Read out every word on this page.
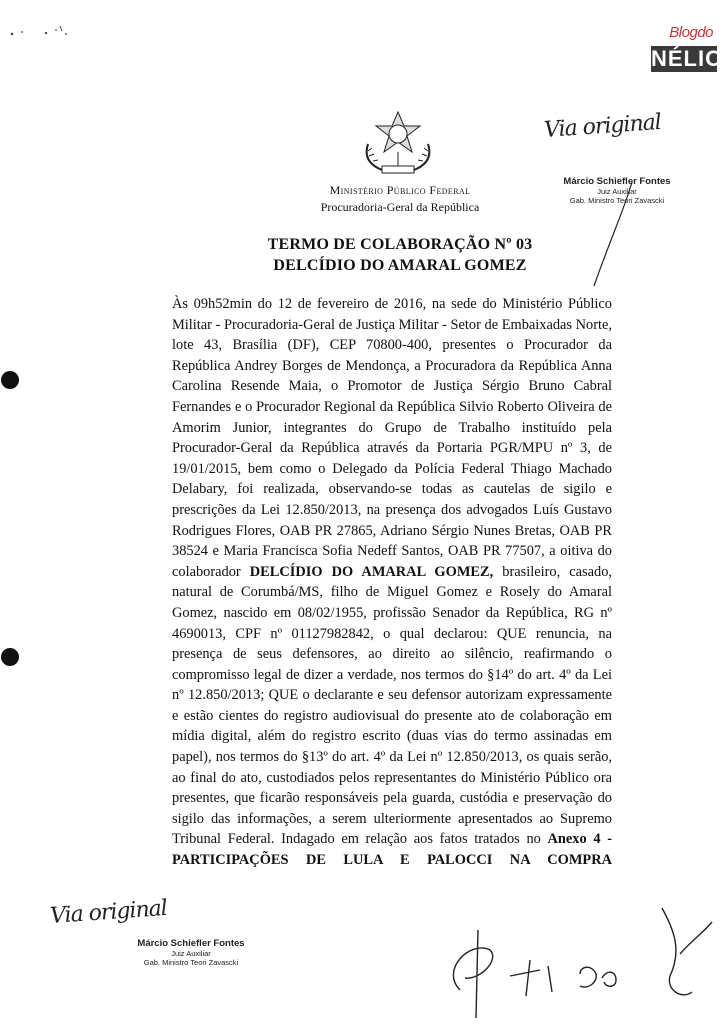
Blogdo
NÉLIO
Ministério Público Federal
Procuradoria-Geral da República
Via original
Márcio Schiefler Fontes
Juiz Auxiliar
Gab. Ministro Teori Zavascki
TERMO DE COLABORAÇÃO Nº 03
DELCÍDIO DO AMARAL GOMEZ
Às 09h52min do 12 de fevereiro de 2016, na sede do Ministério Público Militar - Procuradoria-Geral de Justiça Militar - Setor de Embaixadas Norte, lote 43, Brasília (DF), CEP 70800-400, presentes o Procurador da República Andrey Borges de Mendonça, a Procuradora da República Anna Carolina Resende Maia, o Promotor de Justiça Sérgio Bruno Cabral Fernandes e o Procurador Regional da República Silvio Roberto Oliveira de Amorim Junior, integrantes do Grupo de Trabalho instituído pela Procurador-Geral da República através da Portaria PGR/MPU nº 3, de 19/01/2015, bem como o Delegado da Polícia Federal Thiago Machado Delabary, foi realizada, observando-se todas as cautelas de sigilo e prescrições da Lei 12.850/2013, na presença dos advogados Luís Gustavo Rodrigues Flores, OAB PR 27865, Adriano Sérgio Nunes Bretas, OAB PR 38524 e Maria Francisca Sofia Nedeff Santos, OAB PR 77507, a oitiva do colaborador DELCÍDIO DO AMARAL GOMEZ, brasileiro, casado, natural de Corumbá/MS, filho de Miguel Gomez e Rosely do Amaral Gomez, nascido em 08/02/1955, profissão Senador da República, RG nº 4690013, CPF nº 01127982842, o qual declarou: QUE renuncia, na presença de seus defensores, ao direito ao silêncio, reafirmando o compromisso legal de dizer a verdade, nos termos do §14º do art. 4º da Lei nº 12.850/2013; QUE o declarante e seu defensor autorizam expressamente e estão cientes do registro audiovisual do presente ato de colaboração em mídia digital, além do registro escrito (duas vias do termo assinadas em papel), nos termos do §13º do art. 4º da Lei nº 12.850/2013, os quais serão, ao final do ato, custodiados pelos representantes do Ministério Público ora presentes, que ficarão responsáveis pela guarda, custódia e preservação do sigilo das informações, a serem ulteriormente apresentados ao Supremo Tribunal Federal. Indagado em relação aos fatos tratados no Anexo 4 - PARTICIPAÇÕES DE LULA E PALOCCI NA COMPRA
Via original
Márcio Schiefler Fontes
Juiz Auxiliar
Gab. Ministro Teori Zavascki
